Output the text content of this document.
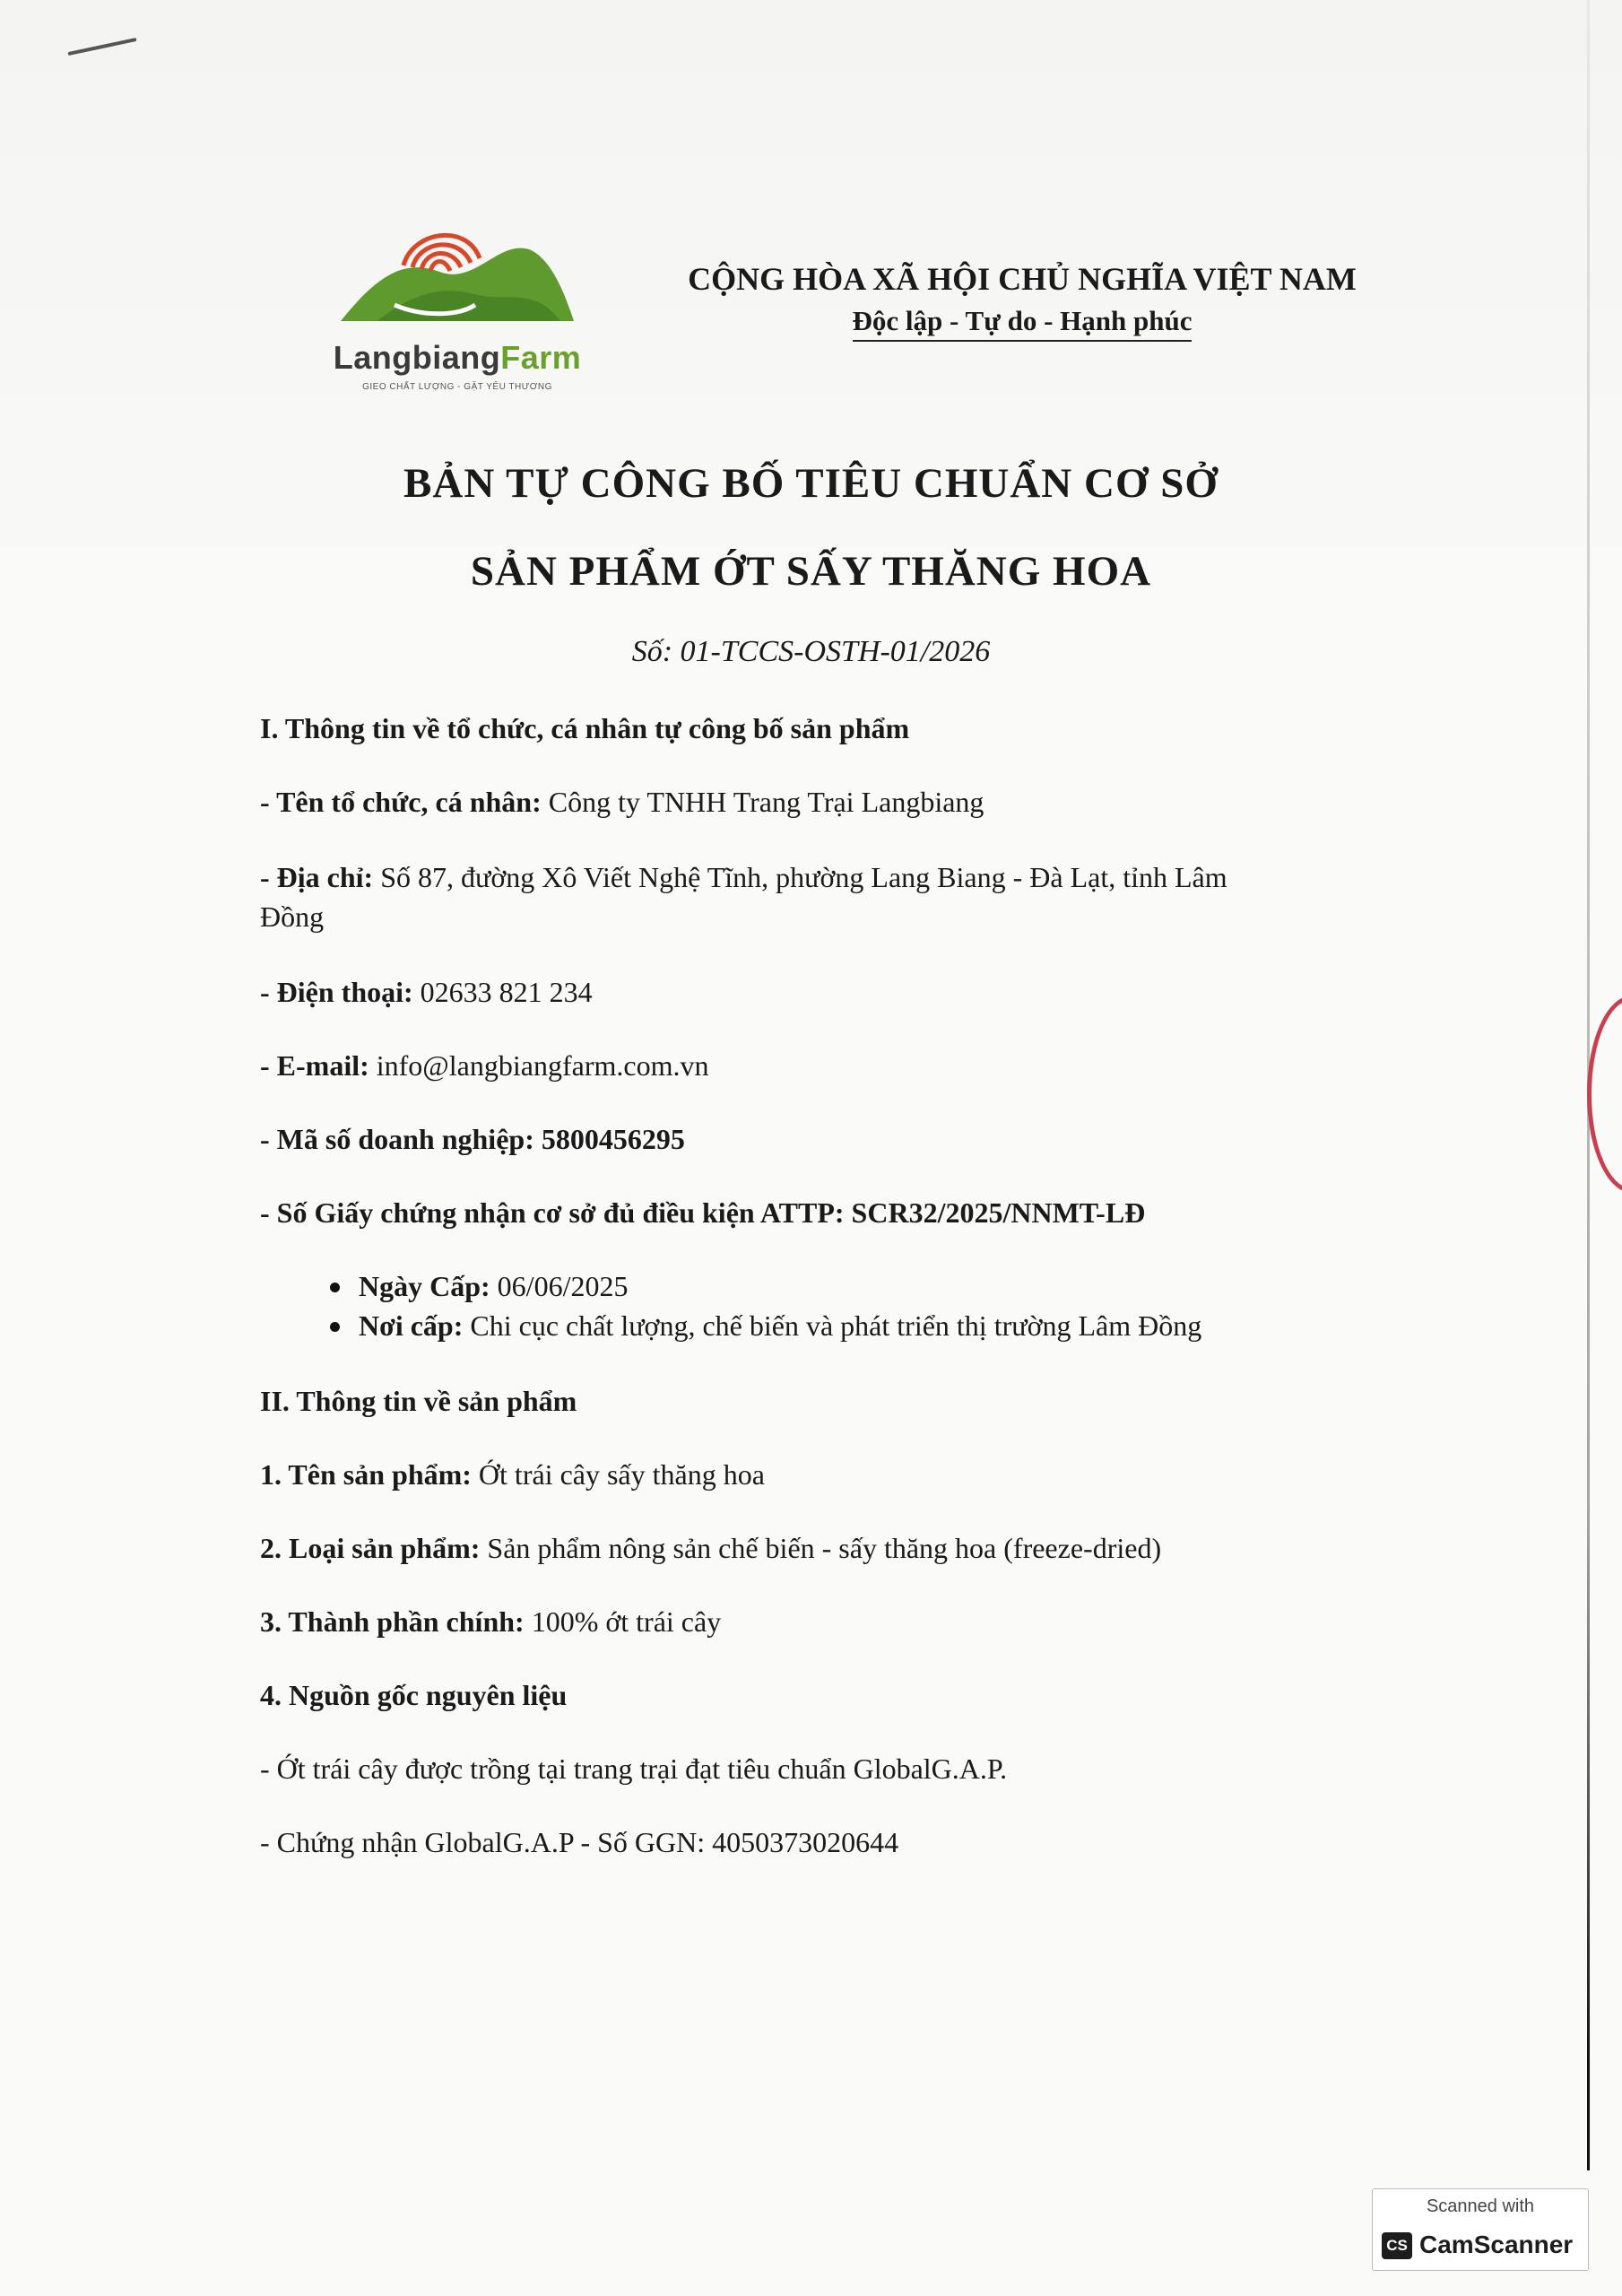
LangbiangFarm
GIEO CHẤT LƯỢNG - GẶT YÊU THƯƠNG
CỘNG HÒA XÃ HỘI CHỦ NGHĨA VIỆT NAM
Độc lập - Tự do - Hạnh phúc
BẢN TỰ CÔNG BỐ TIÊU CHUẨN CƠ SỞ
SẢN PHẨM ỚT SẤY THĂNG HOA
Số: 01-TCCS-OSTH-01/2026
I. Thông tin về tổ chức, cá nhân tự công bố sản phẩm
- Tên tổ chức, cá nhân: Công ty TNHH Trang Trại Langbiang
- Địa chỉ: Số 87, đường Xô Viết Nghệ Tĩnh, phường Lang Biang - Đà Lạt, tỉnh Lâm
Đồng
- Điện thoại: 02633 821 234
- E-mail: info@langbiangfarm.com.vn
- Mã số doanh nghiệp: 5800456295
- Số Giấy chứng nhận cơ sở đủ điều kiện ATTP: SCR32/2025/NNMT-LĐ
Ngày Cấp: 06/06/2025
Nơi cấp: Chi cục chất lượng, chế biến và phát triển thị trường Lâm Đồng
II. Thông tin về sản phẩm
1. Tên sản phẩm: Ớt trái cây sấy thăng hoa
2. Loại sản phẩm: Sản phẩm nông sản chế biến - sấy thăng hoa (freeze-dried)
3. Thành phần chính: 100% ớt trái cây
4. Nguồn gốc nguyên liệu
- Ớt trái cây được trồng tại trang trại đạt tiêu chuẩn GlobalG.A.P.
- Chứng nhận GlobalG.A.P - Số GGN: 4050373020644
Scanned with
CS CamScanner
